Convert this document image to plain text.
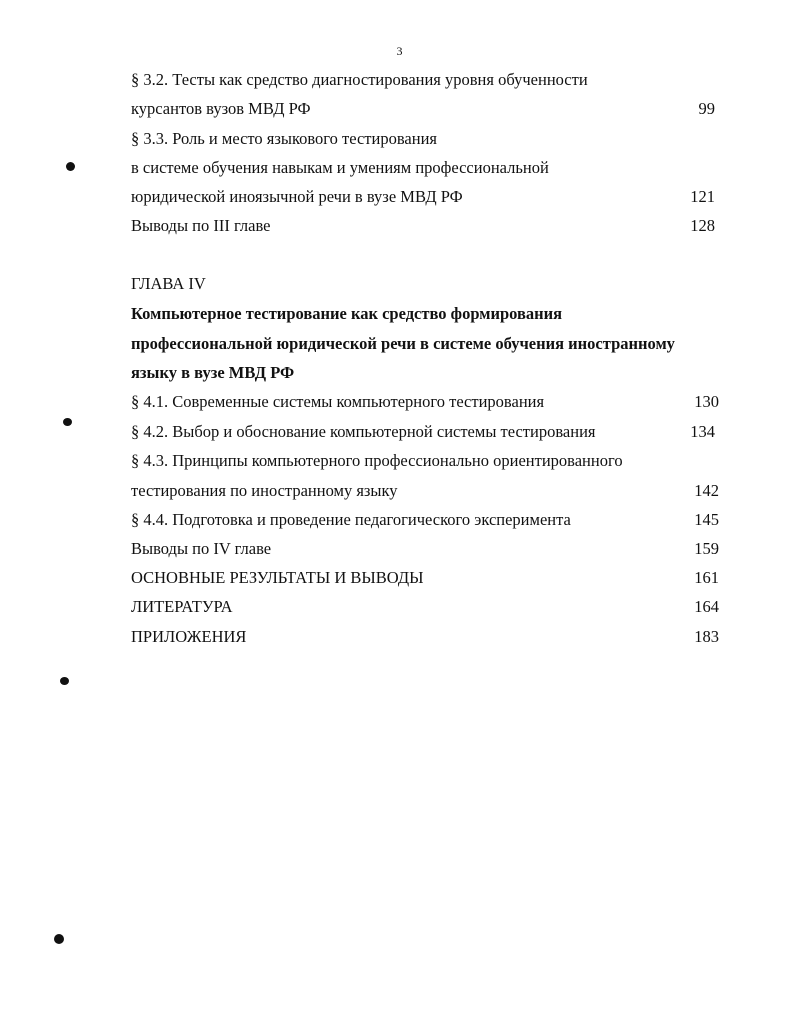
3
§ 3.2. Тесты как средство диагностирования уровня обученности
курсантов вузов МВД РФ	99
§ 3.3. Роль и место языкового тестирования
в системе обучения навыкам и умениям профессиональной
юридической иноязычной речи в вузе МВД РФ	121
Выводы по III главе	128
ГЛАВА IV
Компьютерное тестирование как средство формирования
профессиональной юридической речи в системе обучения иностранному
языку в вузе МВД РФ
§ 4.1. Современные системы компьютерного тестирования	130
§ 4.2. Выбор и обоснование компьютерной системы тестирования	134
§ 4.3. Принципы компьютерного профессионально ориентированного
тестирования по иностранному языку	142
§ 4.4. Подготовка и проведение педагогического эксперимента	145
Выводы по IV главе	159
ОСНОВНЫЕ РЕЗУЛЬТАТЫ И ВЫВОДЫ	161
ЛИТЕРАТУРА	164
ПРИЛОЖЕНИЯ	183
